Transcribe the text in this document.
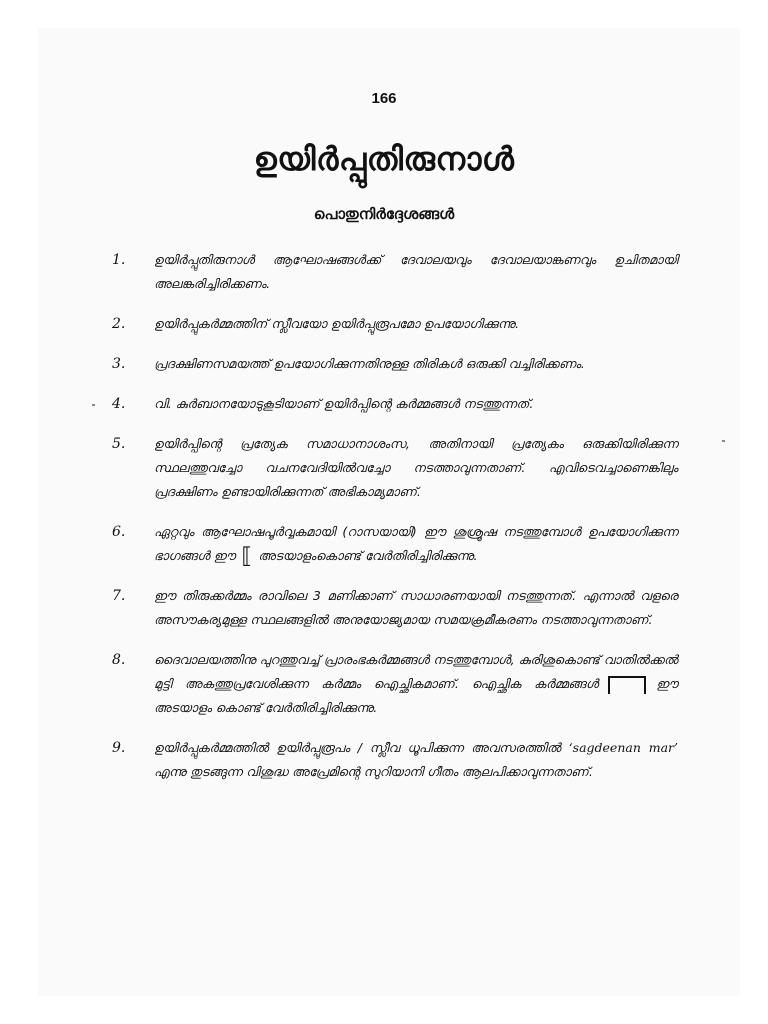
166
ഉയിർപ്പുതിരുനാൾ
പൊതുനിർദ്ദേശങ്ങൾ
1.	ഉയിർപ്പുതിരുനാൾ ആഘോഷങ്ങൾക്ക് ദേവാലയവും ദേവാലയാങ്കണവും ഉചിതമായി അലങ്കരിച്ചിരിക്കണം.
2.	ഉയിർപ്പുകർമ്മത്തിന് സ്ലീവയോ ഉയിർപ്പുരൂപമോ ഉപയോഗിക്കുന്നു.
3.	പ്രദക്ഷിണസമയത്ത് ഉപയോഗിക്കുന്നതിനുള്ള തിരികൾ ഒരുക്കി വച്ചിരിക്കണം.
4.	വി. കുർബാനയോടുകൂടിയാണ് ഉയിർപ്പിന്റെ കർമ്മങ്ങൾ നടത്തുന്നത്.
5.	ഉയിർപ്പിന്റെ പ്രത്യേക സമാധാനാശംസ, അതിനായി പ്രത്യേകം ഒരുക്കിയിരിക്കുന്ന സ്ഥലത്തുവച്ചോ വചനവേദിയിൽവച്ചോ നടത്താവുന്നതാണ്. എവിടെവച്ചാണെങ്കിലും പ്രദക്ഷിണം ഉണ്ടായിരിക്കുന്നത് അഭികാമ്യമാണ്.
6.	ഏറ്റവും ആഘോഷപൂർവ്വകമായി (റാസയായി) ഈ ശുശ്രൂഷ നടത്തുമ്പോൾ ഉപയോഗിക്കുന്ന ഭാഗങ്ങൾ ഈ ⟦ അടയാളംകൊണ്ട് വേർതിരിച്ചിരിക്കുന്നു.
7.	ഈ തിരുക്കർമ്മം രാവിലെ 3 മണിക്കാണ് സാധാരണയായി നടത്തുന്നത്. എന്നാൽ വളരെ അസൗകര്യമുള്ള സ്ഥലങ്ങളിൽ അനുയോജ്യമായ സമയക്രമീകരണം നടത്താവുന്നതാണ്.
8.	ദൈവാലയത്തിനു പുറത്തുവച്ച് പ്രാരംഭകർമ്മങ്ങൾ നടത്തുമ്പോൾ, കുരിശുകൊണ്ട് വാതിൽക്കൽ മുട്ടി അകത്തുപ്രവേശിക്കുന്ന കർമ്മം ഐച്ഛികമാണ്. ഐച്ഛിക കർമ്മങ്ങൾ	ഈ അടയാളം കൊണ്ട് വേർതിരിച്ചിരിക്കുന്നു.
9.	ഉയിർപ്പുകർമ്മത്തിൽ ഉയിർപ്പുരൂപം / സ്ലീവ ധൂപിക്കുന്ന അവസരത്തിൽ ‘sagdeenan mar’ എന്നു തുടങ്ങുന്ന വിശുദ്ധ അപ്രേമിന്റെ സുറിയാനി ഗീതം ആലപിക്കാവുന്നതാണ്.
